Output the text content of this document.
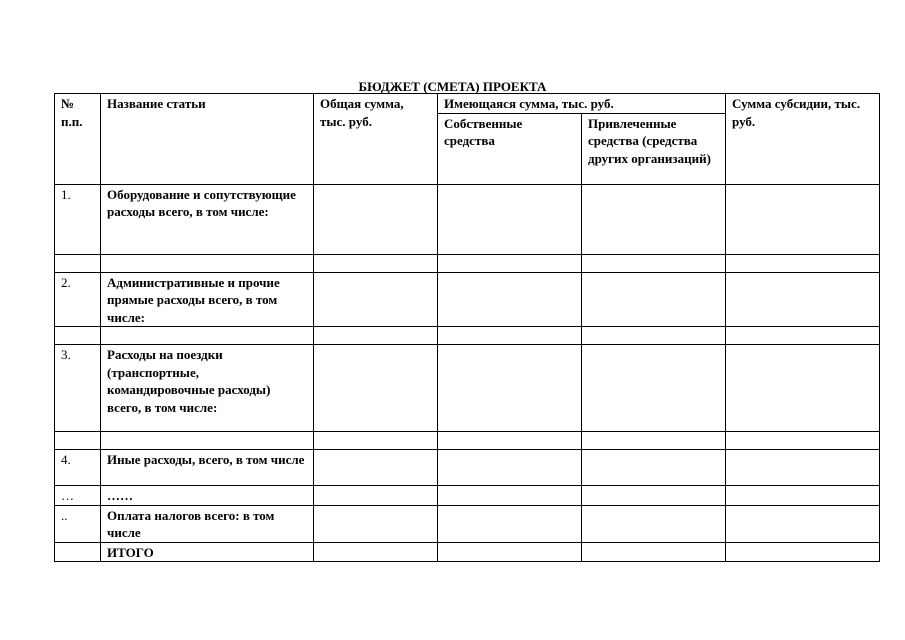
БЮДЖЕТ (СМЕТА) ПРОЕКТА
№ п.п.	Название статьи	Общая сумма, тыс. руб.	Имеющаяся сумма, тыс. руб.		Сумма субсидии, тыс. руб.
			Собственные средства	Привлеченные средства (средства других организаций)	
1.	Оборудование и сопутствующие расходы всего, в том числе:				

2.	Административные и прочие прямые расходы всего, в том числе:				

3.	Расходы на поездки (транспортные, командировочные расходы) всего, в том числе:				

4.	Иные расходы, всего, в том числе				
…	……				
..	Оплата налогов всего: в том числе				
	ИТОГО				
